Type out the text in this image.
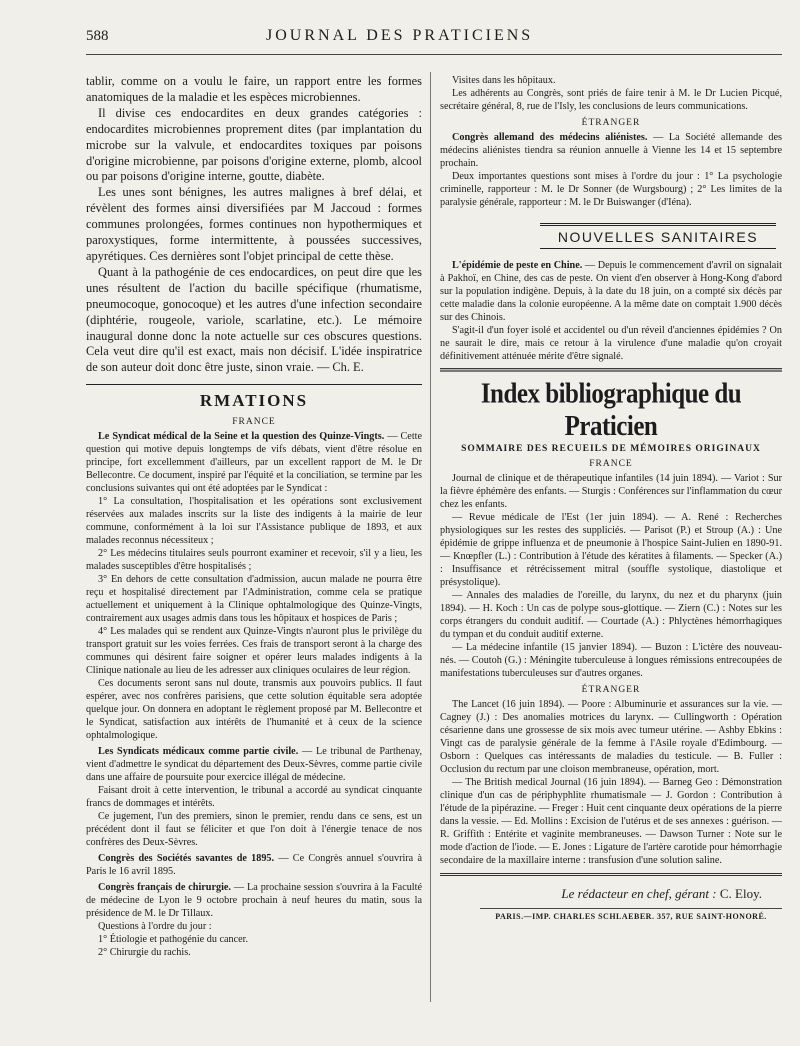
588	JOURNAL DES PRATICIENS

tablir, comme on a voulu le faire, un rapport entre les formes anatomiques de la maladie et les espèces microbiennes.

Il divise ces endocardites en deux grandes catégories : endocardites microbiennes proprement dites (par implantation du microbe sur la valvule, et endocardites toxiques par poisons d'origine microbienne, par poisons d'origine externe, plomb, alcool ou par poisons d'origine interne, goutte, diabète.

Les unes sont bénignes, les autres malignes à bref délai, et révèlent des formes ainsi diversifiées par M Jaccoud : formes communes prolongées, formes continues non hypothermiques et paroxystiques, forme intermittente, à poussées successives, apyrétiques. Ces dernières sont l'objet principal de cette thèse.

Quant à la pathogénie de ces endocardices, on peut dire que les unes résultent de l'action du bacille spécifique (rhumatisme, pneumocoque, gonocoque) et les autres d'une infection secondaire (diphtérie, rougeole, variole, scarlatine, etc.). Le mémoire inaugural donne donc la note actuelle sur ces obscures questions. Cela veut dire qu'il est exact, mais non décisif. L'idée inspiratrice de son auteur doit donc être juste, sinon vraie. — Ch. E.

RMATIONS
FRANCE

Le Syndicat médical de la Seine et la question des Quinze-Vingts. — Cette question qui motive depuis longtemps de vifs débats, vient d'être résolue en principe, fort excellemment d'ailleurs, par un excellent rapport de M. le Dr Bellecontre. Ce document, inspiré par l'équité et la conciliation, se termine par les conclusions suivantes qui ont été adoptées par le Syndicat :

1° La consultation, l'hospitalisation et les opérations sont exclusivement réservées aux malades inscrits sur la liste des indigents à la mairie de leur commune, conformément à la loi sur l'Assistance publique de 1893, et aux malades reconnus nécessiteux ;

2° Les médecins titulaires seuls pourront examiner et recevoir, s'il y a lieu, les malades susceptibles d'être hospitalisés ;

3° En dehors de cette consultation d'admission, aucun malade ne pourra être reçu et hospitalisé directement par l'Administration, comme cela se pratique actuellement et uniquement à la Clinique ophtalmologique des Quinze-Vingts, contrairement aux usages admis dans tous les hôpitaux et hospices de Paris ;

4° Les malades qui se rendent aux Quinze-Vingts n'auront plus le privilège du transport gratuit sur les voies ferrées. Ces frais de transport seront à la charge des communes qui désirent faire soigner et opérer leurs malades indigents à la Clinique nationale au lieu de les adresser aux cliniques oculaires de leur région.

Ces documents seront sans nul doute, transmis aux pouvoirs publics. Il faut espérer, avec nos confrères parisiens, que cette solution équitable sera adoptée quelque jour. On donnera en adoptant le règlement proposé par M. Bellecontre et le Syndicat, satisfaction aux intérêts de l'humanité et à ceux de la science ophtalmologique.

Les Syndicats médicaux comme partie civile. — Le tribunal de Parthenay, vient d'admettre le syndicat du département des Deux-Sèvres, comme partie civile dans une affaire de poursuite pour exercice illégal de médecine.

Faisant droit à cette intervention, le tribunal a accordé au syndicat cinquante francs de dommages et intérêts.

Ce jugement, l'un des premiers, sinon le premier, rendu dans ce sens, est un précédent dont il faut se féliciter et que l'on doit à l'énergie tenace de nos confrères des Deux-Sèvres.

Congrès des Sociétés savantes de 1895. — Ce Congrès annuel s'ouvrira à Paris le 16 avril 1895.

Congrès français de chirurgie. — La prochaine session s'ouvrira à la Faculté de médecine de Lyon le 9 octobre prochain à neuf heures du matin, sous la présidence de M. le Dr Tillaux.

Questions à l'ordre du jour :

1° Étiologie et pathogénie du cancer.

2° Chirurgie du rachis.

Visites dans les hôpitaux.

Les adhérents au Congrès, sont priés de faire tenir à M. le Dr Lucien Picqué, secrétaire général, 8, rue de l'Isly, les conclusions de leurs communications.

ÉTRANGER

Congrès allemand des médecins aliénistes. — La Société allemande des médecins aliénistes tiendra sa réunion annuelle à Vienne les 14 et 15 septembre prochain.

Deux importantes questions sont mises à l'ordre du jour : 1° La psychologie criminelle, rapporteur : M. le Dr Sonner (de Wurgsbourg) ; 2° Les limites de la paralysie générale, rapporteur : M. le Dr Buiswanger (d'Iéna).

NOUVELLES SANITAIRES

L'épidémie de peste en Chine. — Depuis le commencement d'avril on signalait à Pakhoï, en Chine, des cas de peste. On vient d'en observer à Hong-Kong d'abord sur la population indigène. Depuis, à la date du 18 juin, on a compté six décès par cette maladie dans la colonie européenne. A la même date on comptait 1.900 décès sur des Chinois.

S'agit-il d'un foyer isolé et accidentel ou d'un réveil d'anciennes épidémies ? On ne saurait le dire, mais ce retour à la virulence d'une maladie qu'on croyait définitivement atténuée mérite d'être signalé.

Index bibliographique du Praticien
SOMMAIRE DES RECUEILS DE MÉMOIRES ORIGINAUX
FRANCE

Journal de clinique et de thérapeutique infantiles (14 juin 1894). — Variot : Sur la fièvre éphémère des enfants. — Sturgis : Conférences sur l'inflammation du cœur chez les enfants.

— Revue médicale de l'Est (1er juin 1894). — A. René : Recherches physiologiques sur les restes des suppliciés. — Parisot (P.) et Stroup (A.) : Une épidémie de grippe influenza et de pneumonie à l'hospice Saint-Julien en 1890-91. — Knœpfler (L.) : Contribution à l'étude des kératites à filaments. — Specker (A.) : Insuffisance et rétrécissement mitral (souffle systolique, diastolique et présystolique).

— Annales des maladies de l'oreille, du larynx, du nez et du pharynx (juin 1894). — H. Koch : Un cas de polype sous-glottique. — Ziern (C.) : Notes sur les corps étrangers du conduit auditif. — Courtade (A.) : Phlyctènes hémorrhagiques du tympan et du conduit auditif externe.

— La médecine infantile (15 janvier 1894). — Buzon : L'ictère des nouveau-nés. — Coutoh (G.) : Méningite tuberculeuse à longues rémissions entrecoupées de manifestations tuberculeuses sur d'autres organes.

ÉTRANGER

The Lancet (16 juin 1894). — Poore : Albuminurie et assurances sur la vie. — Cagney (J.) : Des anomalies motrices du larynx. — Cullingworth : Opération césarienne dans une grossesse de six mois avec tumeur utérine. — Ashby Ebkins : Vingt cas de paralysie générale de la femme à l'Asile royale d'Edimbourg. — Osborn : Quelques cas intéressants de maladies du testicule. — B. Fuller : Occlusion du rectum par une cloison membraneuse, opération, mort.

— The British medical Journal (16 juin 1894). — Barneg Geo : Démonstration clinique d'un cas de périphyphlite rhumatismale — J. Gordon : Contribution à l'étude de la pipérazine. — Freger : Huit cent cinquante deux opérations de la pierre dans la vessie. — Ed. Mollins : Excision de l'utérus et de ses annexes : guérison. — R. Griffith : Entérite et vaginite membraneuses. — Dawson Turner : Note sur le mode d'action de l'iode. — E. Jones : Ligature de l'artère carotide pour hémorrhagie secondaire de la maxillaire interne : transfusion d'une solution saline.

Le rédacteur en chef, gérant : C. Eloy.
PARIS.—IMP. CHARLES SCHLAEBER. 357, RUE SAINT-HONORÉ.
